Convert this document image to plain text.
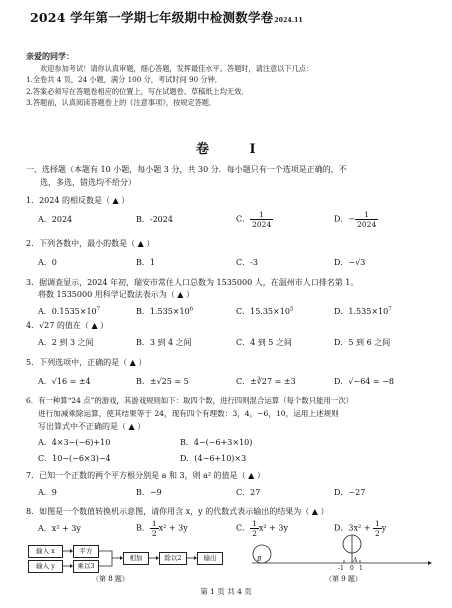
2024 学年第一学期七年级期中检测数学卷2024.11
亲爱的同学：
欢迎参加考试！请你认真审题，细心答题，发挥最佳水平。答题时，请注意以下几点：
1.全卷共 4 页，24 小题，满分 100 分，考试时间 90 分钟．
2.答案必须写在答题卷相应的位置上，写在试题卷、草稿纸上均无效．
3.答题前，认真阅读答题卷上的《注意事项》，按规定答题．
卷 I
一、选择题（本题有 10 小题，每小题 3 分，共 30 分．每小题只有一个选项是正确的，不
选，多选，错选均不给分）
1．2024 的相反数是（ ▲ ）
A．2024	B．-2024	C． $\frac{1}{2024}$	D．− $\frac{1}{2024}$
2．下列各数中，最小的数是（ ▲ ）
A．0	B．1	C．-3	D．−√3
3．据调查显示，2024 年初，瑞安市常住人口总数为 1535000 人，在温州市人口排名第 1。
将数 1535000 用科学记数法表示为（ ▲ ）
A．$0.1535\times 10^7$	B．$1.535\times 10^6$	C．$15.35\times 10^5$	D．$1.535\times 10^7$
4．√27 的值在（ ▲ ）
A．2 到 3 之间	B．3 到 4 之间	C．4 到 5 之间	D．5 到 6 之间
5．下列选项中，正确的是（ ▲ ）
A．√16 = ±4	B．±√25 = 5	C．±∛27 = ±3	D．√−64 = −8
6．有一种算“24 点”的游戏，其游戏规则如下：取四个数，进行四则混合运算（每个数只能用一次）
进行加减乘除运算，使其结果等于 24，现有四个有理数：3，4，−6，10，运用上述规则
写出算式中不正确的是（ ▲ ）
A．4×3−(−6)+10	B．4−(−6+3×10)
C．10−(−6×3)−4	D．(4−6+10)×3
7．已知一个正数的两个平方根分别是 a 和 3，则 a² 的值是（ ▲ ）
A．9	B．−9	C．27	D．−27
8．如图是一个数值转换机示意图，请你用含 x，y 的代数式表示输出的结果为（ ▲ ）
A．x² + 3y	B． $\frac{1}{2} x^2 + 3y$	C． $\frac{1}{2} x^2 + 3y$	D．$3x^2 + \frac{1}{2}$ y
输入 x
输入 y
平方
乘以3
相加	除以2	输出
（第 8 题）
B	A
-1 0 1
（第 9 题）
第 1 页 共 4 页
